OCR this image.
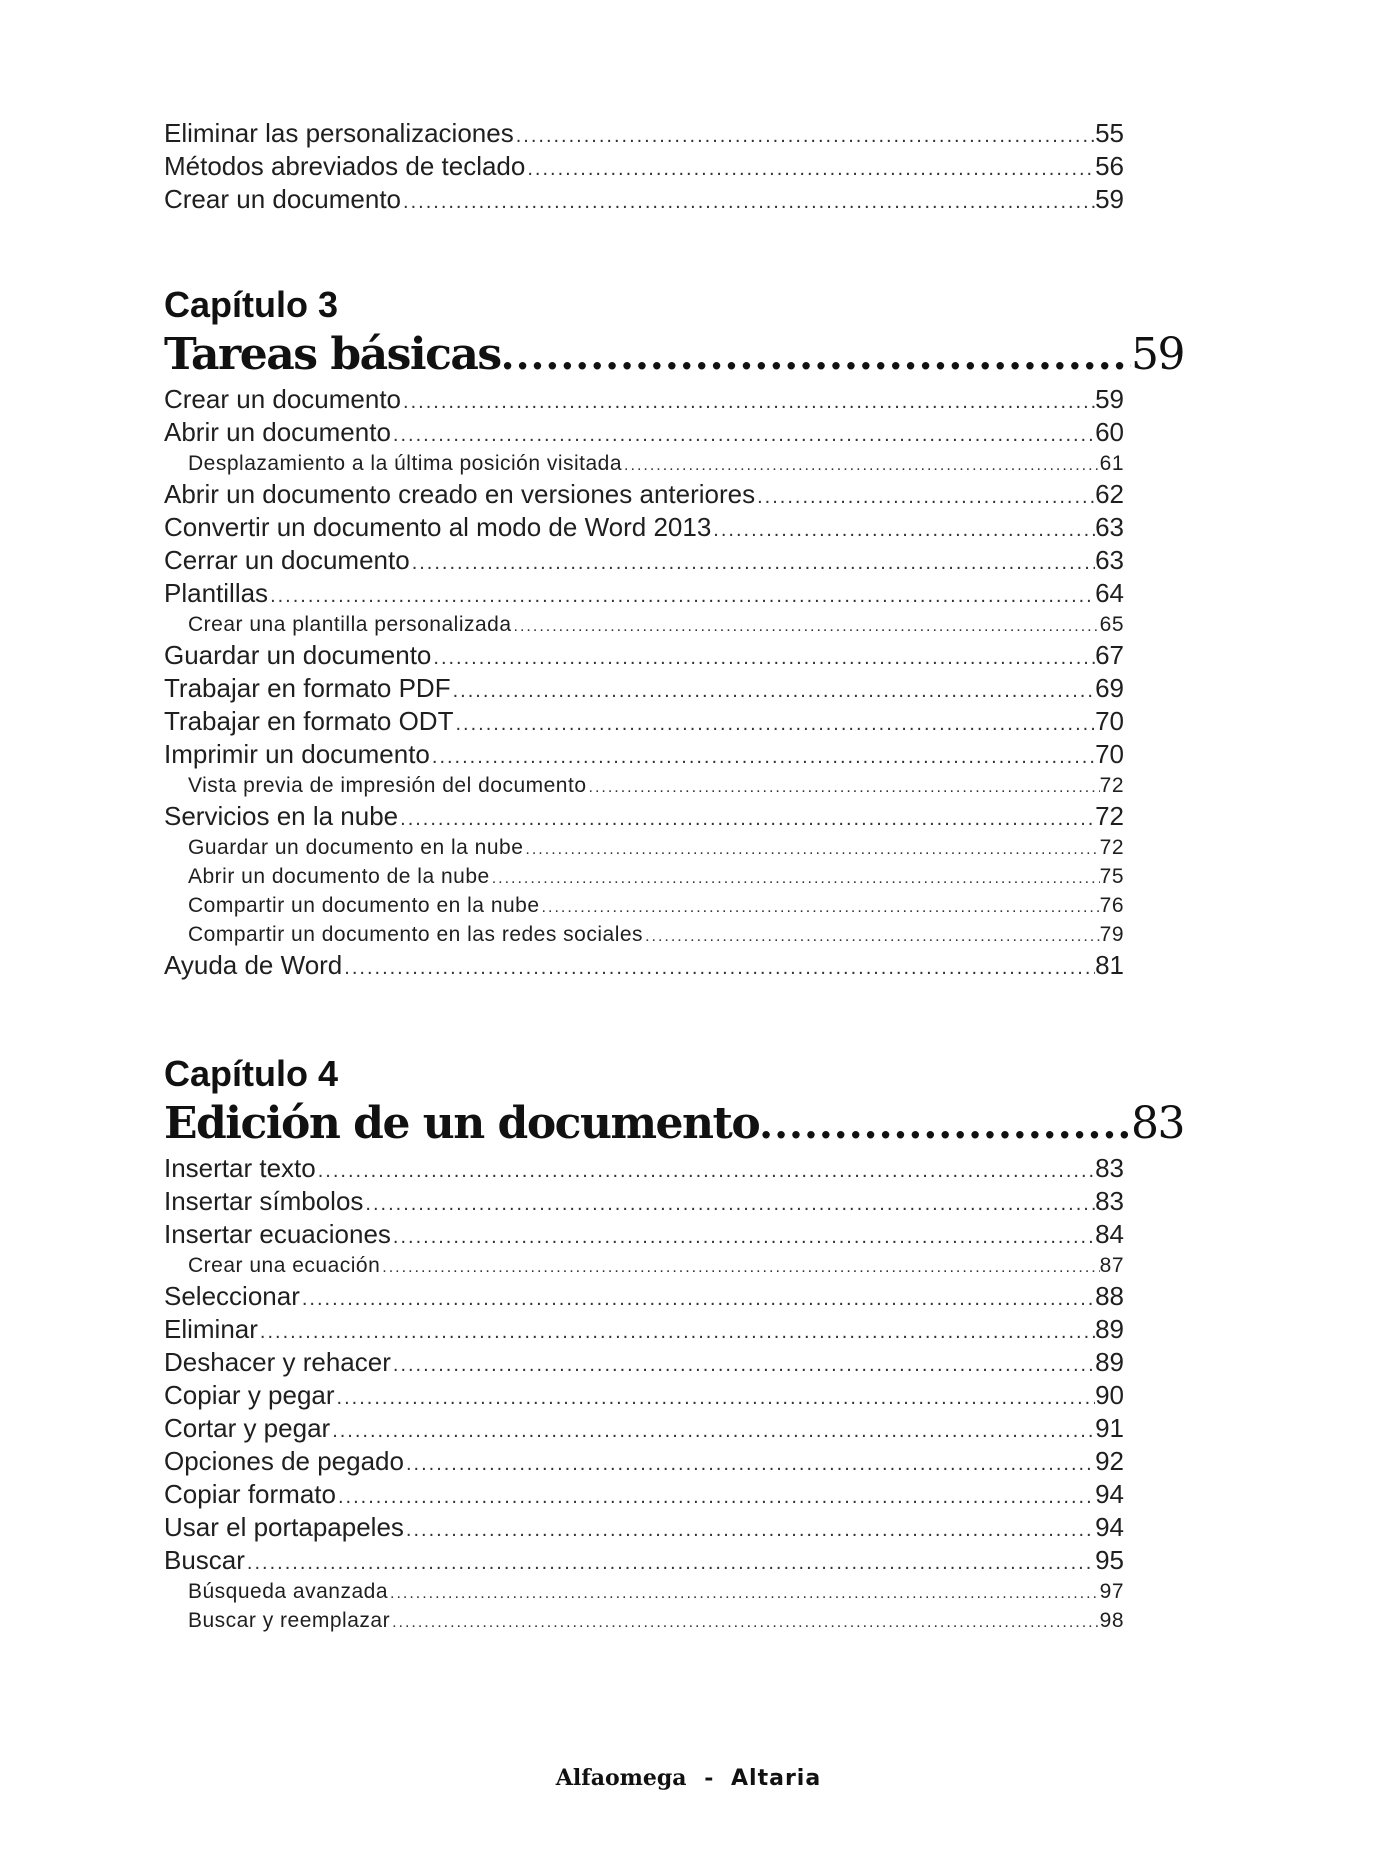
Eliminar las personalizaciones .....	55
Métodos abreviados de teclado .....	56
Crear un documento .....	59
Capítulo 3
Tareas básicas .....	59
Crear un documento .....	59
Abrir un documento .....	60
Desplazamiento a la última posición visitada .....	61
Abrir un documento creado en versiones anteriores .....	62
Convertir un documento al modo de Word 2013 .....	63
Cerrar un documento .....	63
Plantillas .....	64
Crear una plantilla personalizada .....	65
Guardar un documento .....	67
Trabajar en formato PDF .....	69
Trabajar en formato ODT .....	70
Imprimir un documento .....	70
Vista previa de impresión del documento .....	72
Servicios en la nube .....	72
Guardar un documento en la nube .....	72
Abrir un documento de la nube .....	75
Compartir un documento en la nube .....	76
Compartir un documento en las redes sociales .....	79
Ayuda de Word .....	81
Capítulo 4
Edición de un documento .....	83
Insertar texto .....	83
Insertar símbolos .....	83
Insertar ecuaciones .....	84
Crear una ecuación .....	87
Seleccionar .....	88
Eliminar .....	89
Deshacer y rehacer .....	89
Copiar y pegar .....	90
Cortar y pegar .....	91
Opciones de pegado .....	92
Copiar formato .....	94
Usar el portapapeles .....	94
Buscar .....	95
Búsqueda avanzada .....	97
Buscar y reemplazar .....	98
Alfaomega - Altaria
